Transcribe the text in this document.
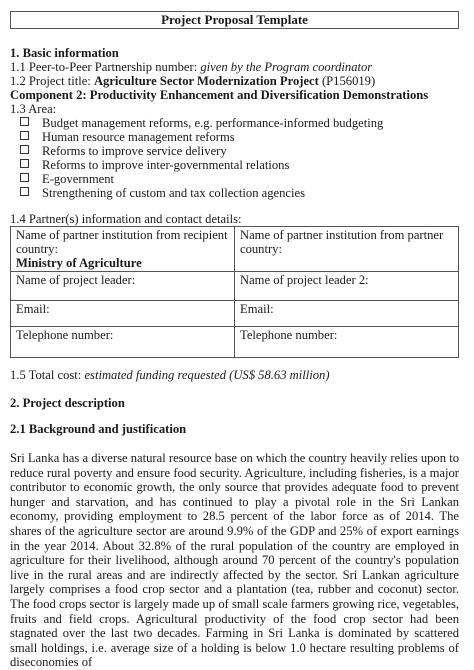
Project Proposal Template
1. Basic information
1.1 Peer-to-Peer Partnership number: given by the Program coordinator
1.2 Project title: Agriculture Sector Modernization Project (P156019)
Component 2: Productivity Enhancement and Diversification Demonstrations
1.3 Area:
Budget management reforms, e.g. performance-informed budgeting
Human resource management reforms
Reforms to improve service delivery
Reforms to improve inter-governmental relations
E-government
Strengthening of custom and tax collection agencies
1.4 Partner(s) information and contact details:
Name of partner institution from recipient country:
Ministry of Agriculture	Name of partner institution from partner country:

Name of project leader:	Name of project leader 2:
Email:	Email:
Telephone number:	Telephone number:
1.5 Total cost: estimated funding requested (US$ 58.63 million)
2. Project description
2.1 Background and justification
Sri Lanka has a diverse natural resource base on which the country heavily relies upon to reduce rural poverty and ensure food security. Agriculture, including fisheries, is a major contributor to economic growth, the only source that provides adequate food to prevent hunger and starvation, and has continued to play a pivotal role in the Sri Lankan economy, providing employment to 28.5 percent of the labor force as of 2014. The shares of the agriculture sector are around 9.9% of the GDP and 25% of export earnings in the year 2014. About 32.8% of the rural population of the country are employed in agriculture for their livelihood, although around 70 percent of the country's population live in the rural areas and are indirectly affected by the sector. Sri Lankan agriculture largely comprises a food crop sector and a plantation (tea, rubber and coconut) sector. The food crops sector is largely made up of small scale farmers growing rice, vegetables, fruits and field crops. Agricultural productivity of the food crop sector had been stagnated over the last two decades. Farming in Sri Lanka is dominated by scattered small holdings, i.e. average size of a holding is below 1.0 hectare resulting problems of diseconomies of
